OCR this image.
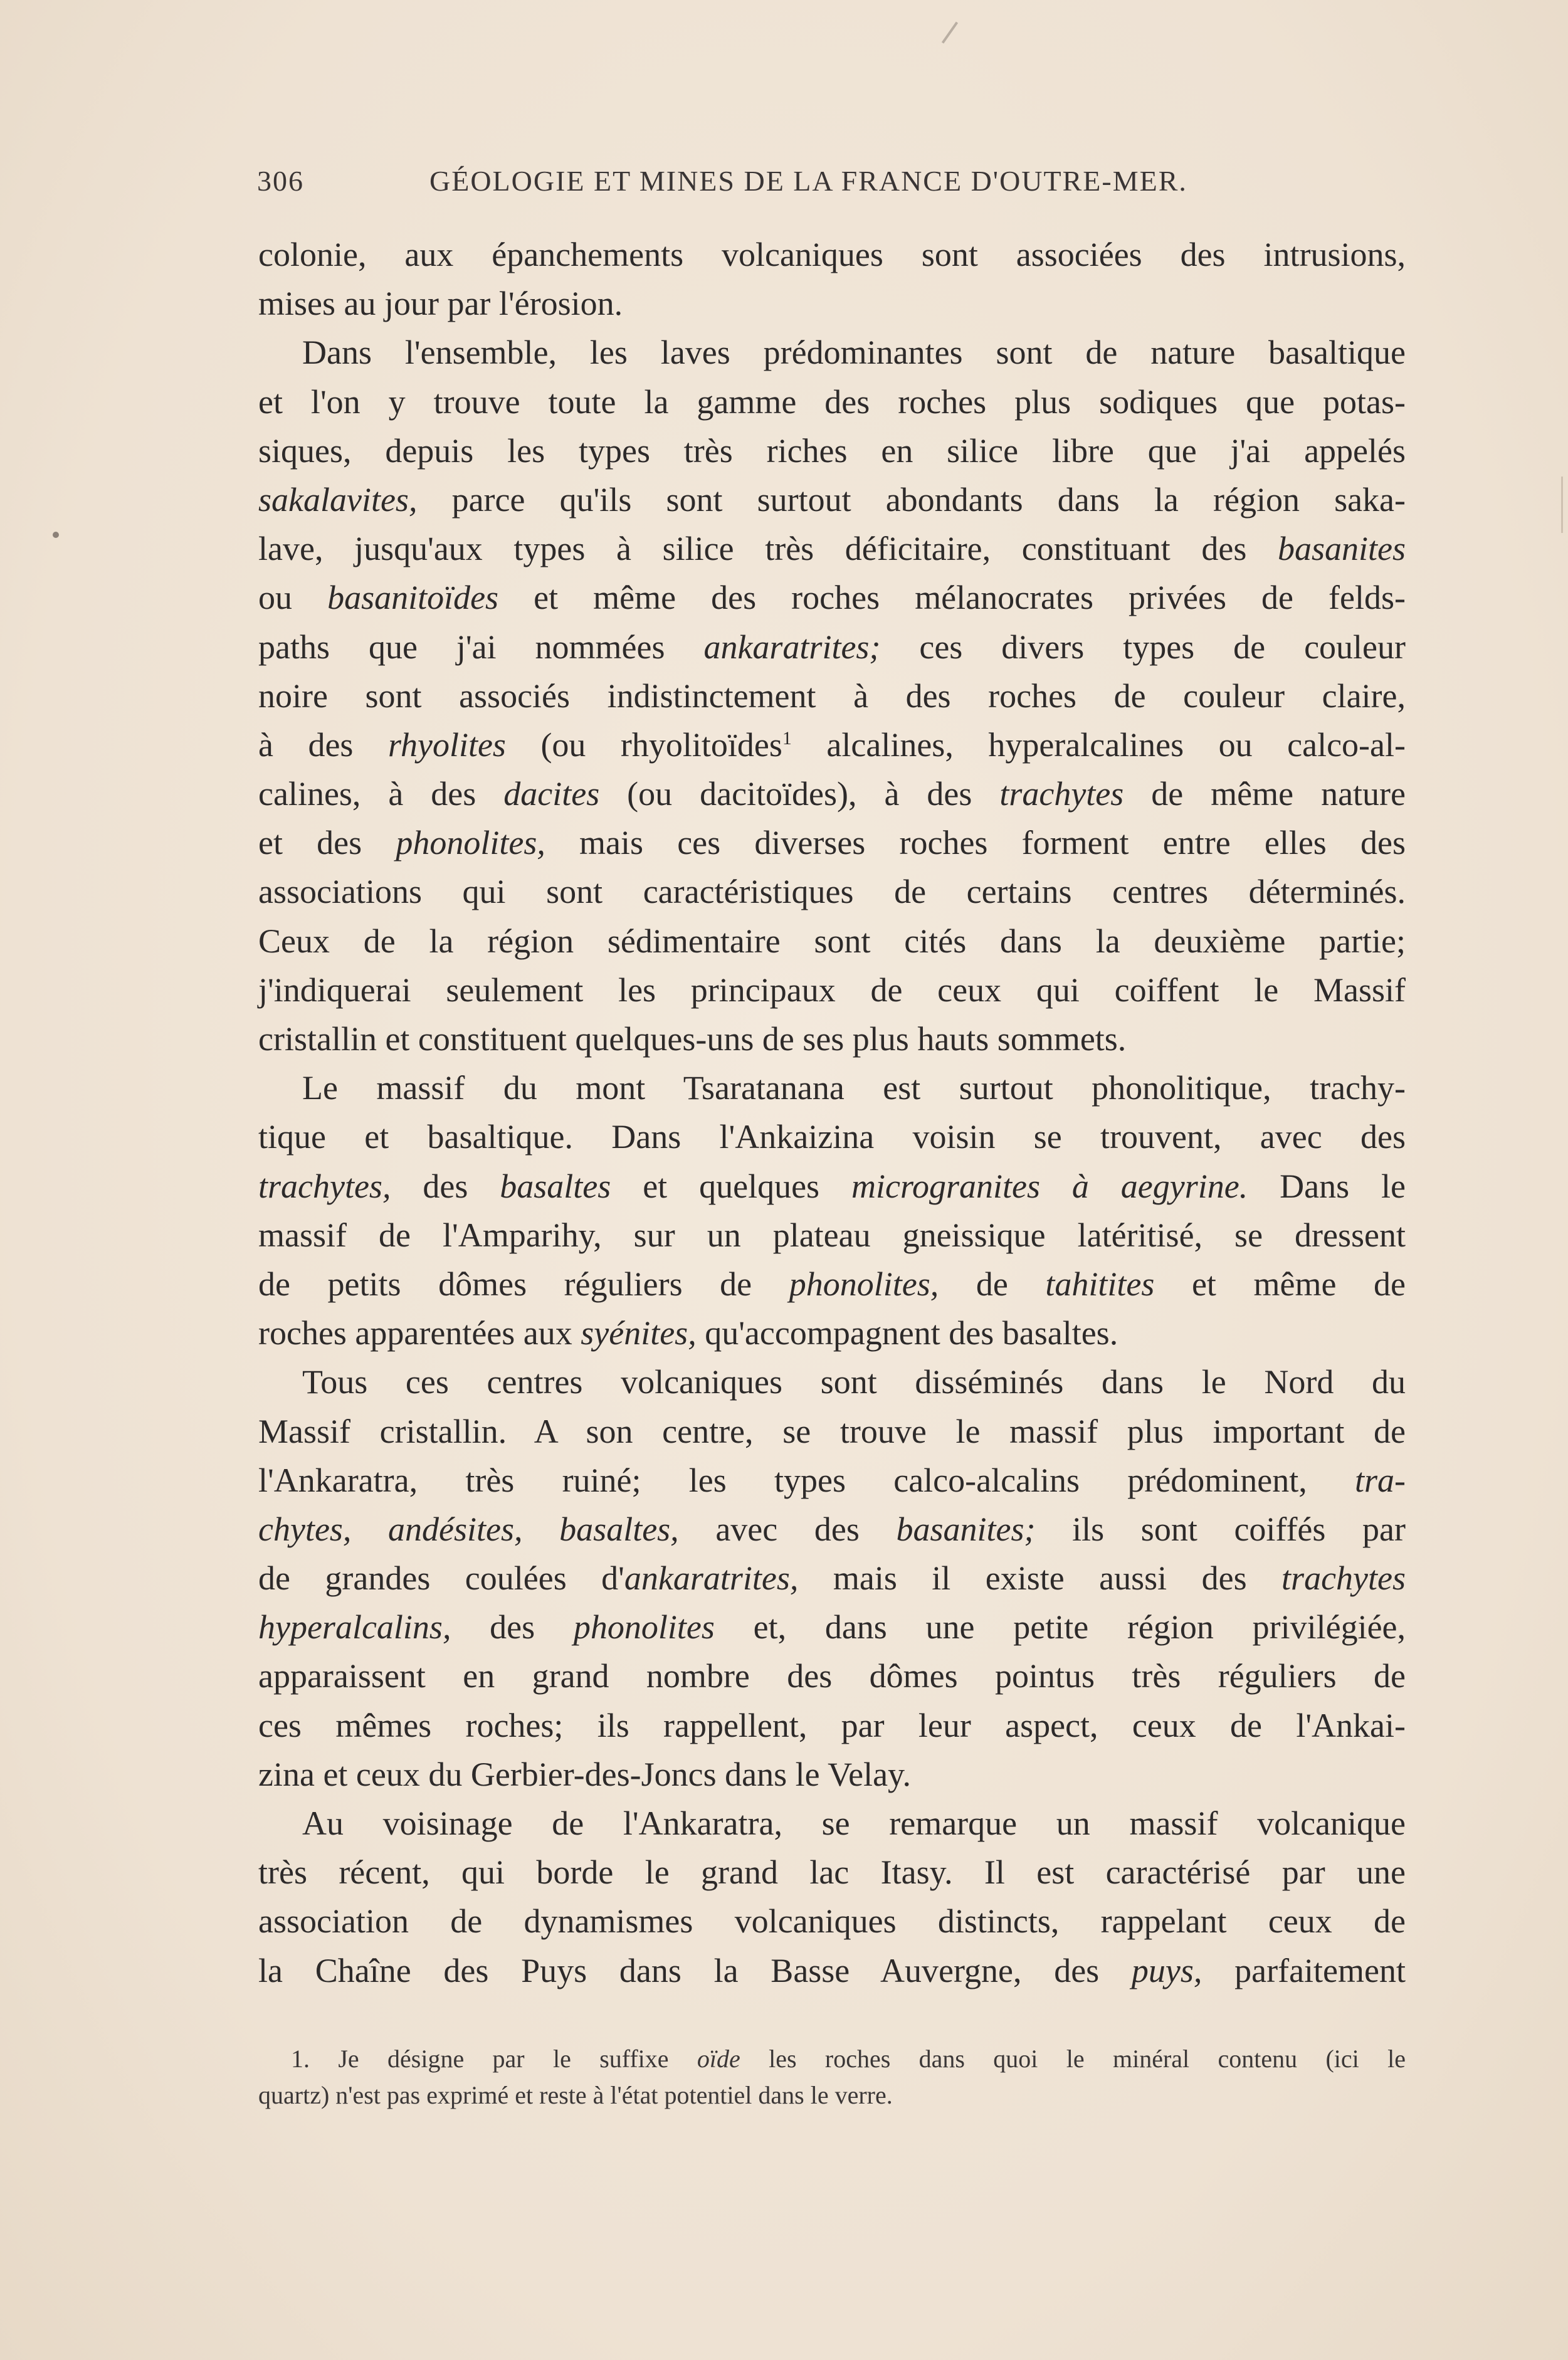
306	GÉOLOGIE ET MINES DE LA FRANCE D'OUTRE-MER.
colonie, aux épanchements volcaniques sont associées des intrusions,
mises au jour par l'érosion.
Dans l'ensemble, les laves prédominantes sont de nature basaltique
et l'on y trouve toute la gamme des roches plus sodiques que potas-
siques, depuis les types très riches en silice libre que j'ai appelés
sakalavites, parce qu'ils sont surtout abondants dans la région saka-
lave, jusqu'aux types à silice très déficitaire, constituant des basanites
ou basanitoïdes et même des roches mélanocrates privées de felds-
paths que j'ai nommées ankaratrites; ces divers types de couleur
noire sont associés indistinctement à des roches de couleur claire,
à des rhyolites (ou rhyolitoïdes$^1$ alcalines, hyperalcalines ou calco-al-
calines, à des dacites (ou dacitoïdes), à des trachytes de même nature
et des phonolites, mais ces diverses roches forment entre elles des
associations qui sont caractéristiques de certains centres déterminés.
Ceux de la région sédimentaire sont cités dans la deuxième partie;
j'indiquerai seulement les principaux de ceux qui coiffent le Massif
cristallin et constituent quelques-uns de ses plus hauts sommets.
Le massif du mont Tsaratanana est surtout phonolitique, trachy-
tique et basaltique. Dans l'Ankaizina voisin se trouvent, avec des
trachytes, des basaltes et quelques microgranites à aegyrine. Dans le
massif de l'Amparihy, sur un plateau gneissique latéritisé, se dressent
de petits dômes réguliers de phonolites, de tahitites et même de
roches apparentées aux syénites, qu'accompagnent des basaltes.
Tous ces centres volcaniques sont disséminés dans le Nord du
Massif cristallin. A son centre, se trouve le massif plus important de
l'Ankaratra, très ruiné; les types calco-alcalins prédominent, tra-
chytes, andésites, basaltes, avec des basanites; ils sont coiffés par
de grandes coulées d'ankaratrites, mais il existe aussi des trachytes
hyperalcalins, des phonolites et, dans une petite région privilégiée,
apparaissent en grand nombre des dômes pointus très réguliers de
ces mêmes roches; ils rappellent, par leur aspect, ceux de l'Ankai-
zina et ceux du Gerbier-des-Joncs dans le Velay.
Au voisinage de l'Ankaratra, se remarque un massif volcanique
très récent, qui borde le grand lac Itasy. Il est caractérisé par une
association de dynamismes volcaniques distincts, rappelant ceux de
la Chaîne des Puys dans la Basse Auvergne, des puys, parfaitement
1. Je désigne par le suffixe oïde les roches dans quoi le minéral contenu (ici le
quartz) n'est pas exprimé et reste à l'état potentiel dans le verre.
